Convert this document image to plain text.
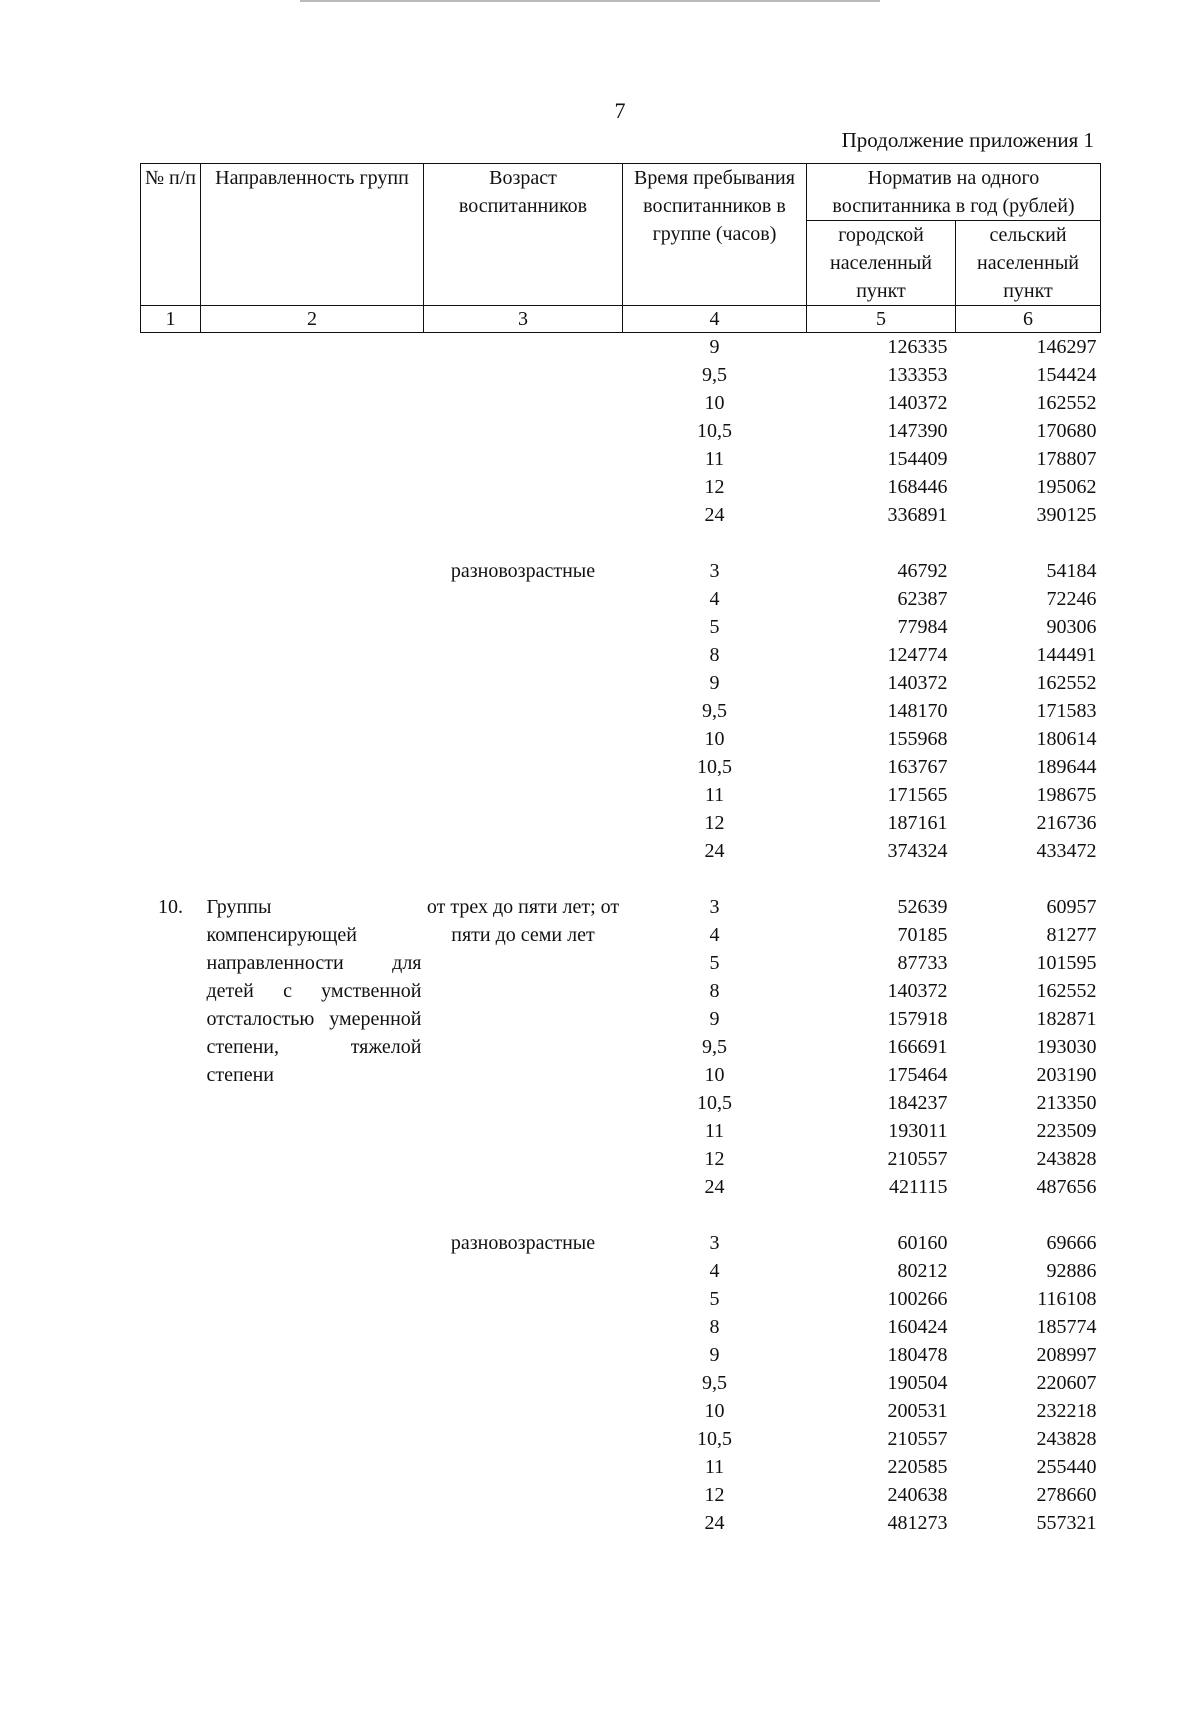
7
Продолжение приложения 1
№ п/п	Направленность групп	Возраст воспитанников	Время пребывания воспитанников в группе (часов)	Норматив на одного воспитанника в год (рублей)	
				городской населенный пункт	сельский населенный пункт
1	2	3	4	5	6
			9	126335	146297
			9,5	133353	154424
			10	140372	162552
			10,5	147390	170680
			11	154409	178807
			12	168446	195062
			24	336891	390125

		разновозрастные	3	46792	54184
			4	62387	72246
			5	77984	90306
			8	124774	144491
			9	140372	162552
			9,5	148170	171583
			10	155968	180614
			10,5	163767	189644
			11	171565	198675
			12	187161	216736
			24	374324	433472

10.	Группы компенсирующей направленности для детей с умственной отсталостью умеренной степени, тяжелой степени	от трех до пяти лет; от пяти до семи лет	3	52639	60957
			4	70185	81277
			5	87733	101595
			8	140372	162552
			9	157918	182871
			9,5	166691	193030
			10	175464	203190
			10,5	184237	213350
			11	193011	223509
			12	210557	243828
			24	421115	487656

		разновозрастные	3	60160	69666
			4	80212	92886
			5	100266	116108
			8	160424	185774
			9	180478	208997
			9,5	190504	220607
			10	200531	232218
			10,5	210557	243828
			11	220585	255440
			12	240638	278660
			24	481273	557321
